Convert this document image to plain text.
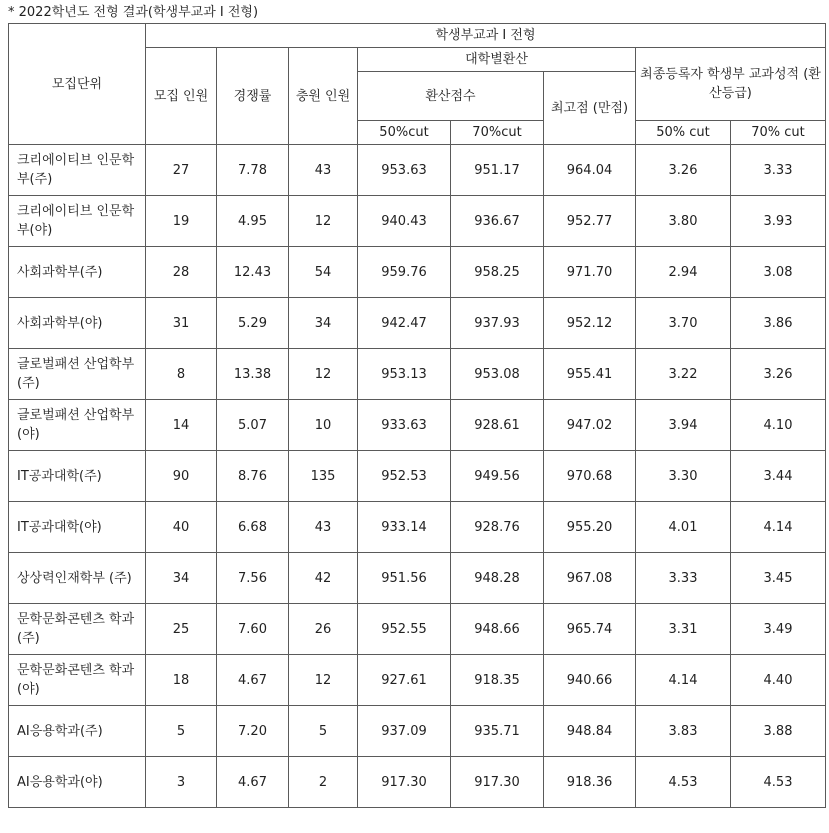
* 2022학년도 전형 결과(학생부교과 I 전형)
모집단위	학생부교과 I 전형							
	모집 인원	경쟁률	충원 인원	대학별환산			최종등록자 학생부 교과성적 (환산등급)	
				환산점수		최고점 (만점)		
				50%cut	70%cut		50% cut	70% cut
크리에이티브 인문학부(주)	27	7.78	43	953.63	951.17	964.04	3.26	3.33
크리에이티브 인문학부(야)	19	4.95	12	940.43	936.67	952.77	3.80	3.93
사회과학부(주)	28	12.43	54	959.76	958.25	971.70	2.94	3.08
사회과학부(야)	31	5.29	34	942.47	937.93	952.12	3.70	3.86
글로벌패션 산업학부(주)	8	13.38	12	953.13	953.08	955.41	3.22	3.26
글로벌패션 산업학부(야)	14	5.07	10	933.63	928.61	947.02	3.94	4.10
IT공과대학(주)	90	8.76	135	952.53	949.56	970.68	3.30	3.44
IT공과대학(야)	40	6.68	43	933.14	928.76	955.20	4.01	4.14
상상력인재학부 (주)	34	7.56	42	951.56	948.28	967.08	3.33	3.45
문학문화콘텐츠 학과(주)	25	7.60	26	952.55	948.66	965.74	3.31	3.49
문학문화콘텐츠 학과(야)	18	4.67	12	927.61	918.35	940.66	4.14	4.40
AI응용학과(주)	5	7.20	5	937.09	935.71	948.84	3.83	3.88
AI응용학과(야)	3	4.67	2	917.30	917.30	918.36	4.53	4.53
